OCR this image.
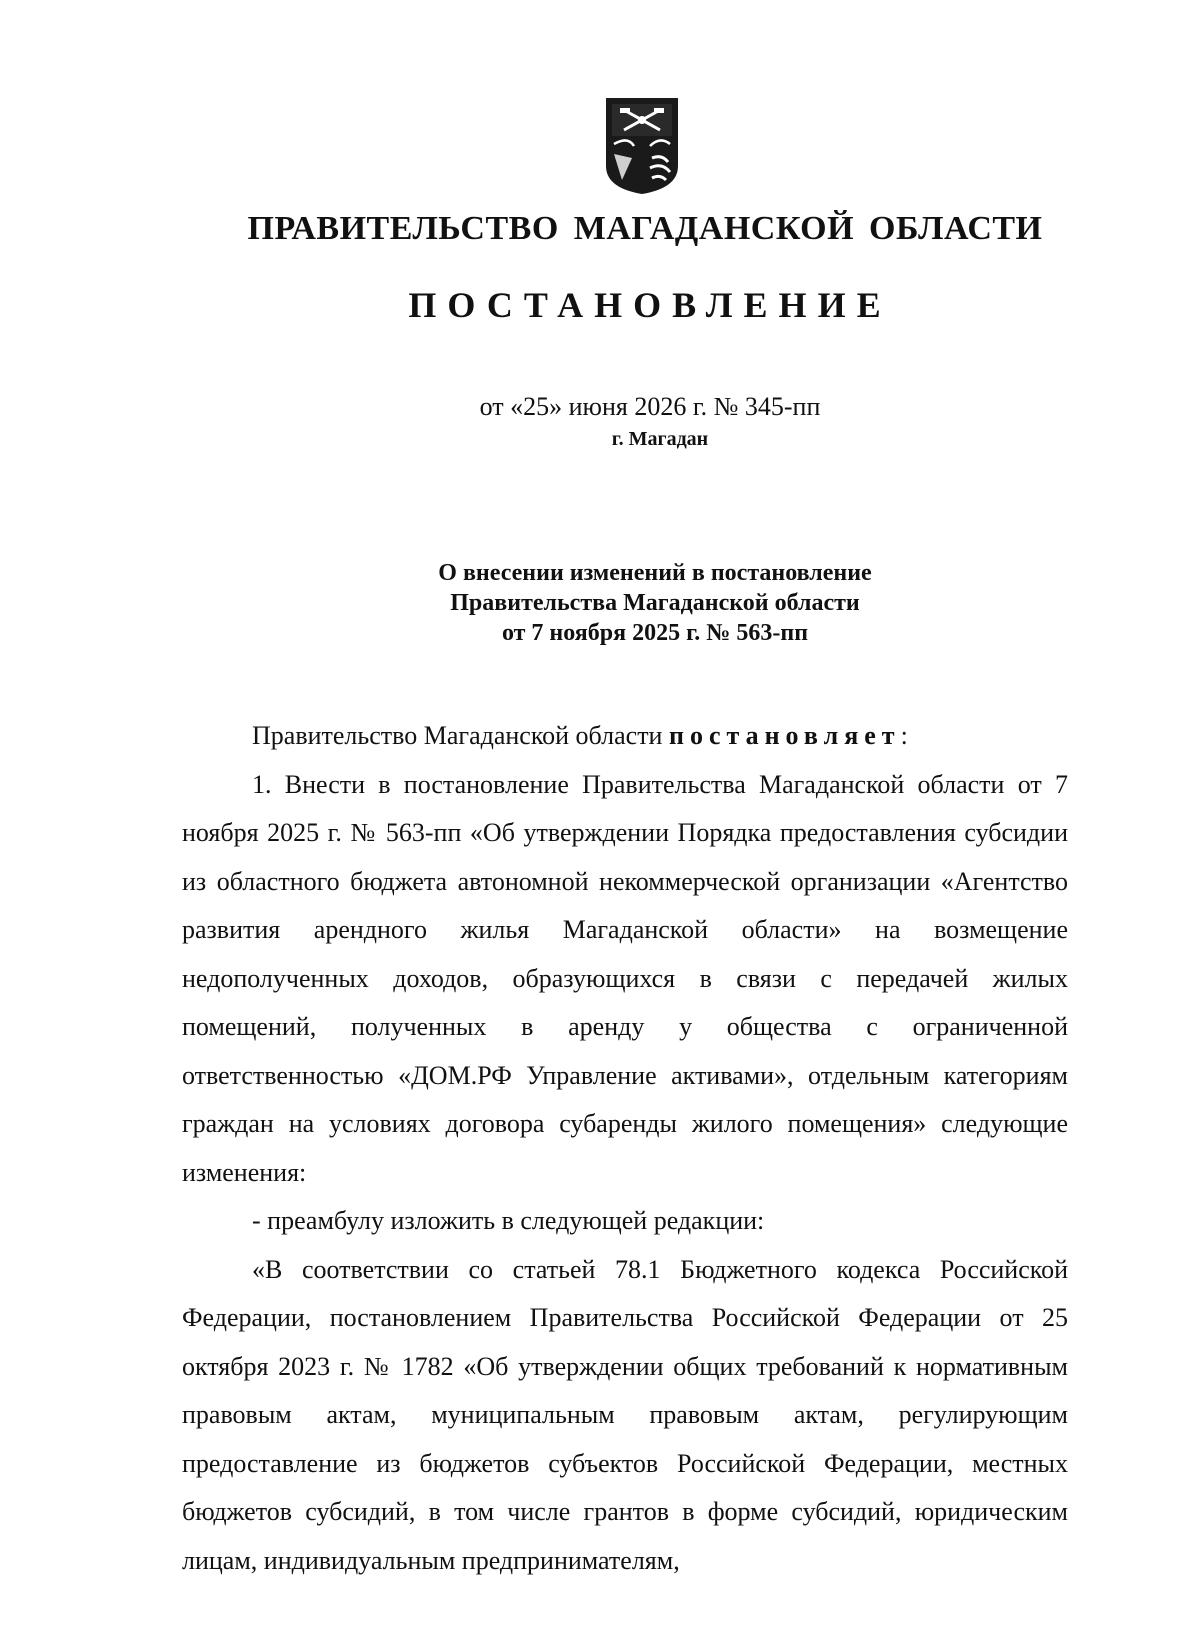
ПРАВИТЕЛЬСТВО МАГАДАНСКОЙ ОБЛАСТИ
ПОСТАНОВЛЕНИЕ
от «25» июня 2026 г. № 345-пп
г. Магадан
О внесении изменений в постановление
Правительства Магаданской области
от 7 ноября 2025 г. № 563-пп

Правительство Магаданской области постановляет:

1. Внести в постановление Правительства Магаданской области от 7 ноября 2025 г. № 563-пп «Об утверждении Порядка предоставления субсидии из областного бюджета автономной некоммерческой организации «Агентство развития арендного жилья Магаданской области» на возмещение недополученных доходов, образующихся в связи с передачей жилых помещений, полученных в аренду у общества с ограниченной ответственностью «ДОМ.РФ Управление активами», отдельным категориям граждан на условиях договора субаренды жилого помещения» следующие изменения:

- преамбулу изложить в следующей редакции:

«В соответствии со статьей 78.1 Бюджетного кодекса Российской Федерации, постановлением Правительства Российской Федерации от 25 октября 2023 г. № 1782 «Об утверждении общих требований к нормативным правовым актам, муниципальным правовым актам, регулирующим предоставление из бюджетов субъектов Российской Федерации, местных бюджетов субсидий, в том числе грантов в форме субсидий, юридическим лицам, индивидуальным предпринимателям,
